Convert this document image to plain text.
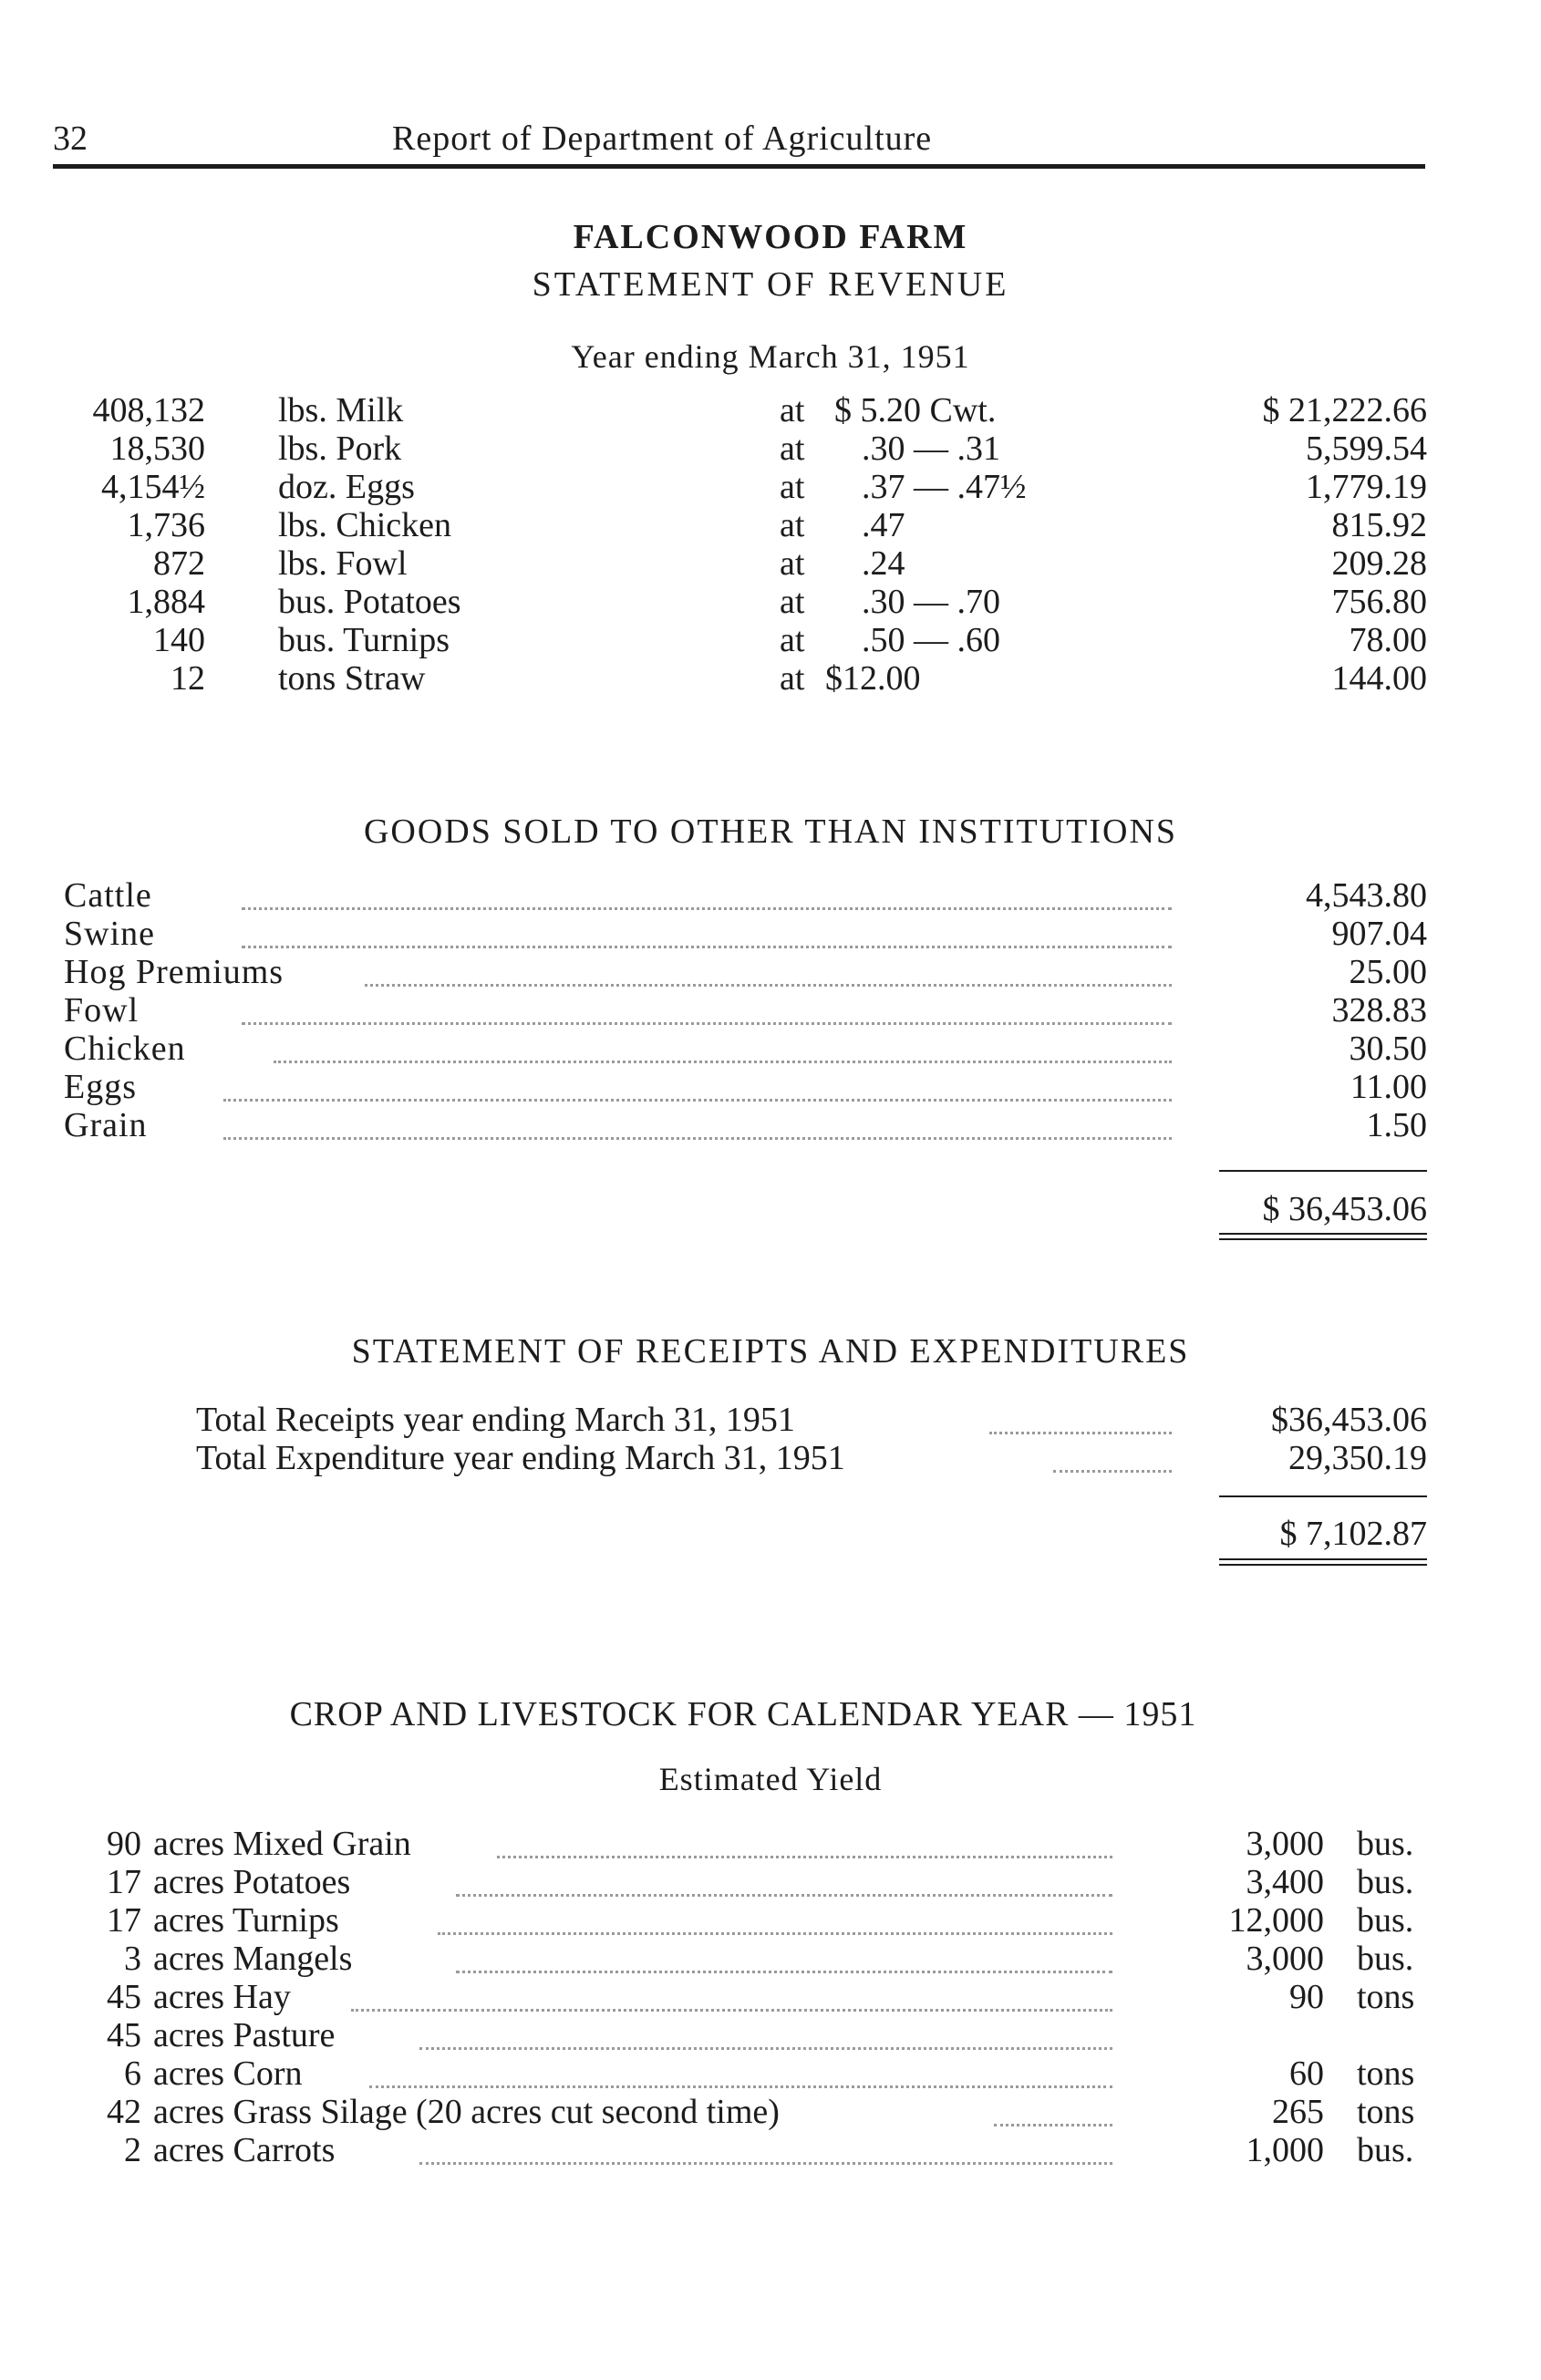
32	Report of Department of Agriculture
FALCONWOOD FARM
STATEMENT OF REVENUE
Year ending March 31, 1951
408,132 lbs. Milk	at $ 5.20 Cwt.	$ 21,222.66
18,530 lbs. Pork	at .30 — .31	5,599.54
4,154½ doz. Eggs	at .37 — .47½	1,779.19
1,736 lbs. Chicken	at .47	815.92
872 lbs. Fowl	at .24	209.28
1,884 bus. Potatoes	at .30 — .70	756.80
140 bus. Turnips	at .50 — .60	78.00
12 tons Straw	at $12.00	144.00
GOODS SOLD TO OTHER THAN INSTITUTIONS
Cattle	4,543.80
Swine	907.04
Hog Premiums	25.00
Fowl	328.83
Chicken	30.50
Eggs	11.00
Grain	1.50
$ 36,453.06
STATEMENT OF RECEIPTS AND EXPENDITURES
Total Receipts year ending March 31, 1951	$36,453.06
Total Expenditure year ending March 31, 1951	29,350.19
$ 7,102.87
CROP AND LIVESTOCK FOR CALENDAR YEAR — 1951
Estimated Yield
90 acres Mixed Grain	3,000 bus.
17 acres Potatoes	3,400 bus.
17 acres Turnips	12,000 bus.
3 acres Mangels	3,000 bus.
45 acres Hay	90 tons
45 acres Pasture
6 acres Corn	60 tons
42 acres Grass Silage (20 acres cut second time)	265 tons
2 acres Carrots	1,000 bus.
